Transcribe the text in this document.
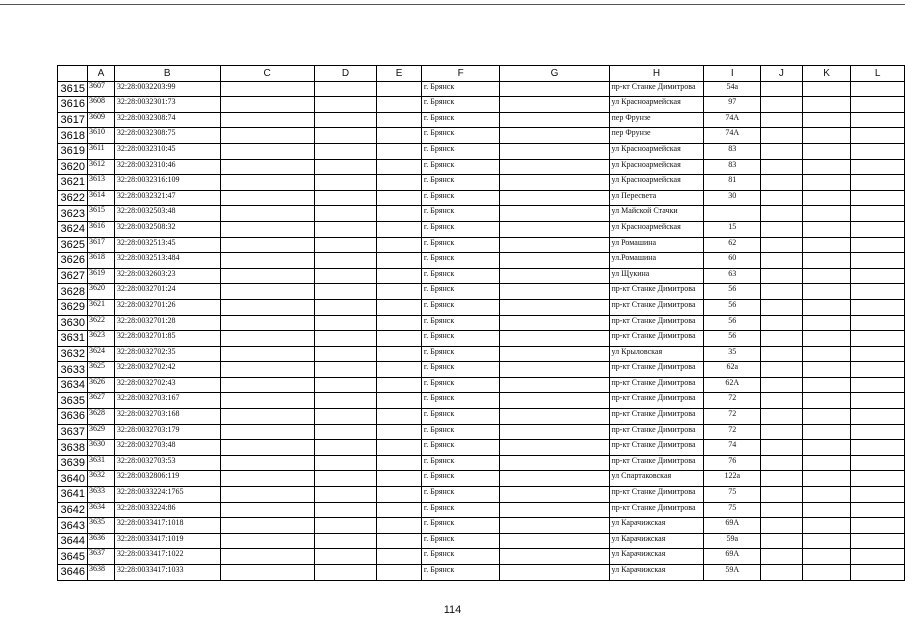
	A	B	C	D	E	F	G	H	I	J	K	L
3615	3607	32:28:0032203:99				г. Брянск		пр-кт Станке Димитрова	54а			
3616	3608	32:28:0032301:73				г. Брянск		ул Красноармейская	97			
3617	3609	32:28:0032308:74				г. Брянск		пер Фрунзе	74А			
3618	3610	32:28:0032308:75				г. Брянск		пер Фрунзе	74А			
3619	3611	32:28:0032310:45				г. Брянск		ул Красноармейская	83			
3620	3612	32:28:0032310:46				г. Брянск		ул Красноармейская	83			
3621	3613	32:28:0032316:109				г. Брянск		ул Красноармейская	81			
3622	3614	32:28:0032321:47				г. Брянск		ул Пересвета	30			
3623	3615	32:28:0032503:48				г. Брянск		ул Майской Стачки				
3624	3616	32:28:0032508:32				г. Брянск		ул Красноармейская	15			
3625	3617	32:28:0032513:45				г. Брянск		ул Ромашина	62			
3626	3618	32:28:0032513:484				г. Брянск		ул.Ромашина	60			
3627	3619	32:28:0032603:23				г. Брянск		ул Щукина	63			
3628	3620	32:28:0032701:24				г. Брянск		пр-кт Станке Димитрова	56			
3629	3621	32:28:0032701:26				г. Брянск		пр-кт Станке Димитрова	56			
3630	3622	32:28:0032701:28				г. Брянск		пр-кт Станке Димитрова	56			
3631	3623	32:28:0032701:85				г. Брянск		пр-кт Станке Димитрова	56			
3632	3624	32:28:0032702:35				г. Брянск		ул Крыловская	35			
3633	3625	32:28:0032702:42				г. Брянск		пр-кт Станке Димитрова	62а			
3634	3626	32:28:0032702:43				г. Брянск		пр-кт Станке Димитрова	62А			
3635	3627	32:28:0032703:167				г. Брянск		пр-кт Станке Димитрова	72			
3636	3628	32:28:0032703:168				г. Брянск		пр-кт Станке Димитрова	72			
3637	3629	32:28:0032703:179				г. Брянск		пр-кт Станке Димитрова	72			
3638	3630	32:28:0032703:48				г. Брянск		пр-кт Станке Димитрова	74			
3639	3631	32:28:0032703:53				г. Брянск		пр-кт Станке Димитрова	76			
3640	3632	32:28:0032806:119				г. Брянск		ул Спартаковская	122а			
3641	3633	32:28:0033224:1765				г. Брянск		пр-кт Станке Димитрова	75			
3642	3634	32:28:0033224:86				г. Брянск		пр-кт Станке Димитрова	75			
3643	3635	32:28:0033417:1018				г. Брянск		ул Карачижская	69А			
3644	3636	32:28:0033417:1019				г. Брянск		ул Карачижская	59а			
3645	3637	32:28:0033417:1022				г. Брянск		ул Карачижская	69А			
3646	3638	32:28:0033417:1033				г. Брянск		ул Карачижская	59А			
114
